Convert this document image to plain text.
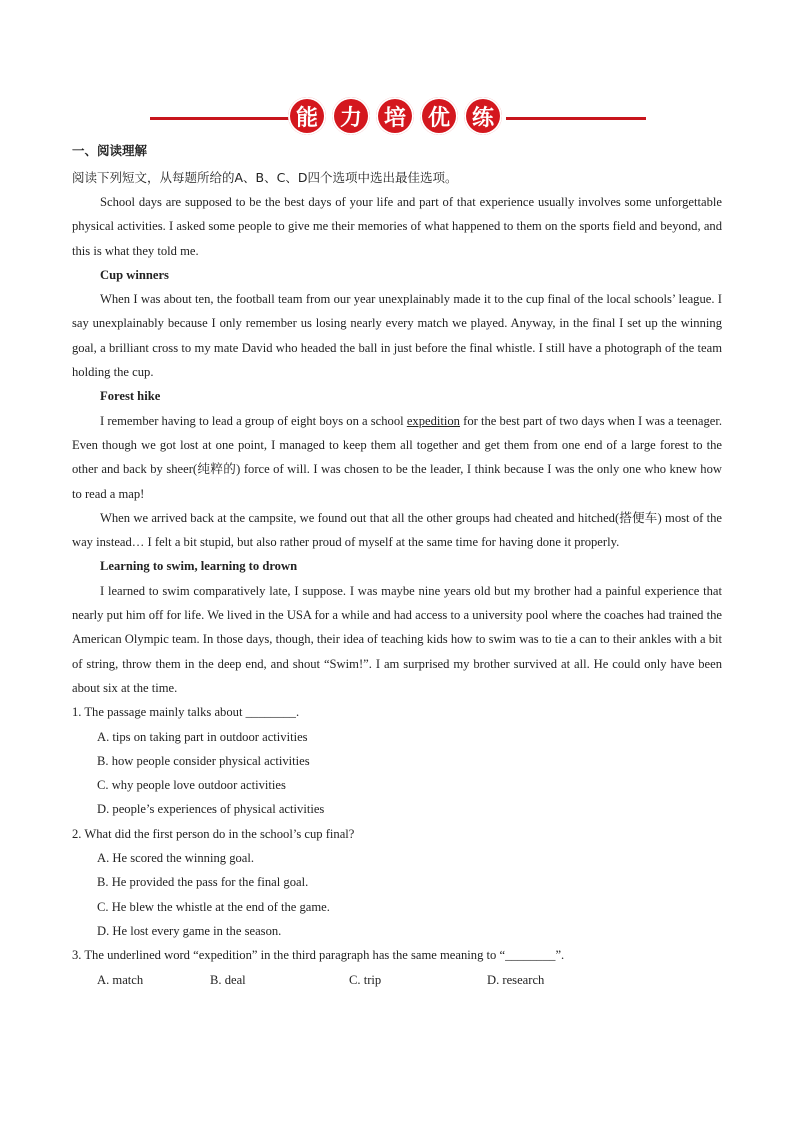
能 力 培 优 练
一、阅读理解
阅读下列短文，从每题所给的A、B、C、D四个选项中选出最佳选项。

School days are supposed to be the best days of your life and part of that experience usually involves some unforgettable physical activities. I asked some people to give me their memories of what happened to them on the sports field and beyond, and this is what they told me.

Cup winners

When I was about ten, the football team from our year unexplainably made it to the cup final of the local schools’ league. I say unexplainably because I only remember us losing nearly every match we played. Anyway, in the final I set up the winning goal, a brilliant cross to my mate David who headed the ball in just before the final whistle. I still have a photograph of the team holding the cup.

Forest hike

I remember having to lead a group of eight boys on a school expedition for the best part of two days when I was a teenager. Even though we got lost at one point, I managed to keep them all together and get them from one end of a large forest to the other and back by sheer(纯粹的) force of will. I was chosen to be the leader, I think because I was the only one who knew how to read a map!

When we arrived back at the campsite, we found out that all the other groups had cheated and hitched(搭便车) most of the way instead… I felt a bit stupid, but also rather proud of myself at the same time for having done it properly.

Learning to swim, learning to drown

I learned to swim comparatively late, I suppose. I was maybe nine years old but my brother had a painful experience that nearly put him off for life. We lived in the USA for a while and had access to a university pool where the coaches had trained the American Olympic team. In those days, though, their idea of teaching kids how to swim was to tie a can to their ankles with a bit of string, throw them in the deep end, and shout “Swim!”. I am surprised my brother survived at all. He could only have been about six at the time.

1. The passage mainly talks about ________.
A. tips on taking part in outdoor activities
B. how people consider physical activities
C. why people love outdoor activities
D. people’s experiences of physical activities
2. What did the first person do in the school’s cup final?
A. He scored the winning goal.
B. He provided the pass for the final goal.
C. He blew the whistle at the end of the game.
D. He lost every game in the season.
3. The underlined word “expedition” in the third paragraph has the same meaning to “________”.
A. match	B. deal	C. trip	D. research
